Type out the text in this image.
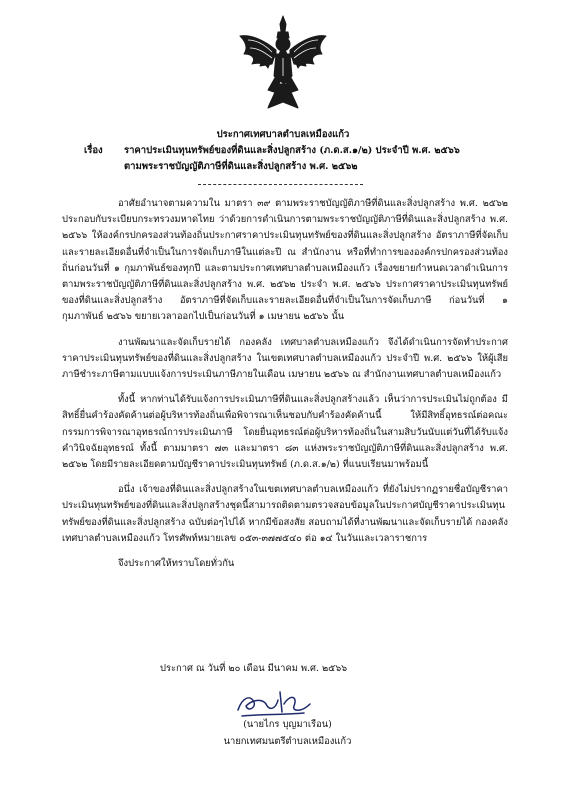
ประกาศเทศบาลตำบลเหมืองแก้ว
เรื่อง ราคาประเมินทุนทรัพย์ของที่ดินและสิ่งปลูกสร้าง (ภ.ด.ส.๑/๒) ประจำปี พ.ศ. ๒๕๖๖
ตามพระราชบัญญัติภาษีที่ดินและสิ่งปลูกสร้าง พ.ศ. ๒๕๖๒

อาศัยอำนาจตามความใน มาตรา ๓๙ ตามพระราชบัญญัติภาษีที่ดินและสิ่งปลูกสร้าง พ.ศ. ๒๕๖๒ ประกอบกับระเบียบกระทรวงมหาดไทย ว่าด้วยการดำเนินการตามพระราชบัญญัติภาษีที่ดินและสิ่งปลูกสร้าง พ.ศ. ๒๕๖๖ ให้องค์กรปกครองส่วนท้องถิ่นประกาศราคาประเมินทุนทรัพย์ของที่ดินและสิ่งปลูกสร้าง อัตราภาษีที่จัดเก็บ และรายละเอียดอื่นที่จำเป็นในการจัดเก็บภาษีในแต่ละปี ณ สำนักงาน หรือที่ทำการขององค์กรปกครองส่วนท้องถิ่นก่อนวันที่ ๑ กุมภาพันธ์ของทุกปี และตามประกาศเทศบาลตำบลเหมืองแก้ว เรื่องขยายกำหนดเวลาดำเนินการตามพระราชบัญญัติภาษีที่ดินและสิ่งปลูกสร้าง พ.ศ. ๒๕๖๒ ประจำ พ.ศ. ๒๕๖๖ ประกาศราคาประเมินทุนทรัพย์ของที่ดินและสิ่งปลูกสร้าง อัตราภาษีที่จัดเก็บและรายละเอียดอื่นที่จำเป็นในการจัดเก็บภาษี ก่อนวันที่ ๑ กุมภาพันธ์ ๒๕๖๖ ขยายเวลาออกไปเป็นก่อนวันที่ ๑ เมษายน ๒๕๖๖ นั้น

งานพัฒนาและจัดเก็บรายได้ กองคลัง เทศบาลตำบลเหมืองแก้ว จึงได้ดำเนินการจัดทำประกาศราคาประเมินทุนทรัพย์ของที่ดินและสิ่งปลูกสร้าง ในเขตเทศบาลตำบลเหมืองแก้ว ประจำปี พ.ศ. ๒๕๖๖ ให้ผู้เสียภาษีชำระภาษีตามแบบแจ้งการประเมินภาษีภายในเดือน เมษายน ๒๕๖๖ ณ สำนักงานเทศบาลตำบลเหมืองแก้ว

ทั้งนี้ หากท่านได้รับแจ้งการประเมินภาษีที่ดินและสิ่งปลูกสร้างแล้ว เห็นว่าการประเมินไม่ถูกต้อง มีสิทธิ์ยื่นคำร้องคัดค้านต่อผู้บริหารท้องถิ่นเพื่อพิจารณาเห็นชอบกับคำร้องคัดค้านนี้ ให้มีสิทธิ์อุทธรณ์ต่อคณะกรรมการพิจารณาอุทธรณ์การประเมินภาษี โดยยื่นอุทธรณ์ต่อผู้บริหารท้องถิ่นในสามสิบวันนับแต่วันที่ได้รับแจ้งคำวินิจฉัยอุทธรณ์ ทั้งนี้ ตามมาตรา ๗๓ และมาตรา ๘๓ แห่งพระราชบัญญัติภาษีที่ดินและสิ่งปลูกสร้าง พ.ศ. ๒๕๖๒ โดยมีรายละเอียดตามบัญชีราคาประเมินทุนทรัพย์ (ภ.ด.ส.๑/๒) ที่แนบเรียนมาพร้อมนี้

อนึ่ง เจ้าของที่ดินและสิ่งปลูกสร้างในเขตเทศบาลตำบลเหมืองแก้ว ที่ยังไม่ปรากฏรายชื่อบัญชีราคาประเมินทุนทรัพย์ของที่ดินและสิ่งปลูกสร้างชุดนี้สามารถติดตามตรวจสอบข้อมูลในประกาศบัญชีราคาประเมินทุนทรัพย์ของที่ดินและสิ่งปลูกสร้าง ฉบับต่อๆไปได้ หากมีข้อสงสัย สอบถามได้ที่งานพัฒนาและจัดเก็บรายได้ กองคลัง เทศบาลตำบลเหมืองแก้ว โทรศัพท์หมายเลข ๐๕๓-๓๗๗๕๔๐ ต่อ ๑๔ ในวันและเวลาราชการ

จึงประกาศให้ทราบโดยทั่วกัน

ประกาศ ณ วันที่ ๒๐ เดือน มีนาคม พ.ศ. ๒๕๖๖
(นายไกร บุญมาเรือน)
นายกเทศมนตรีตำบลเหมืองแก้ว
